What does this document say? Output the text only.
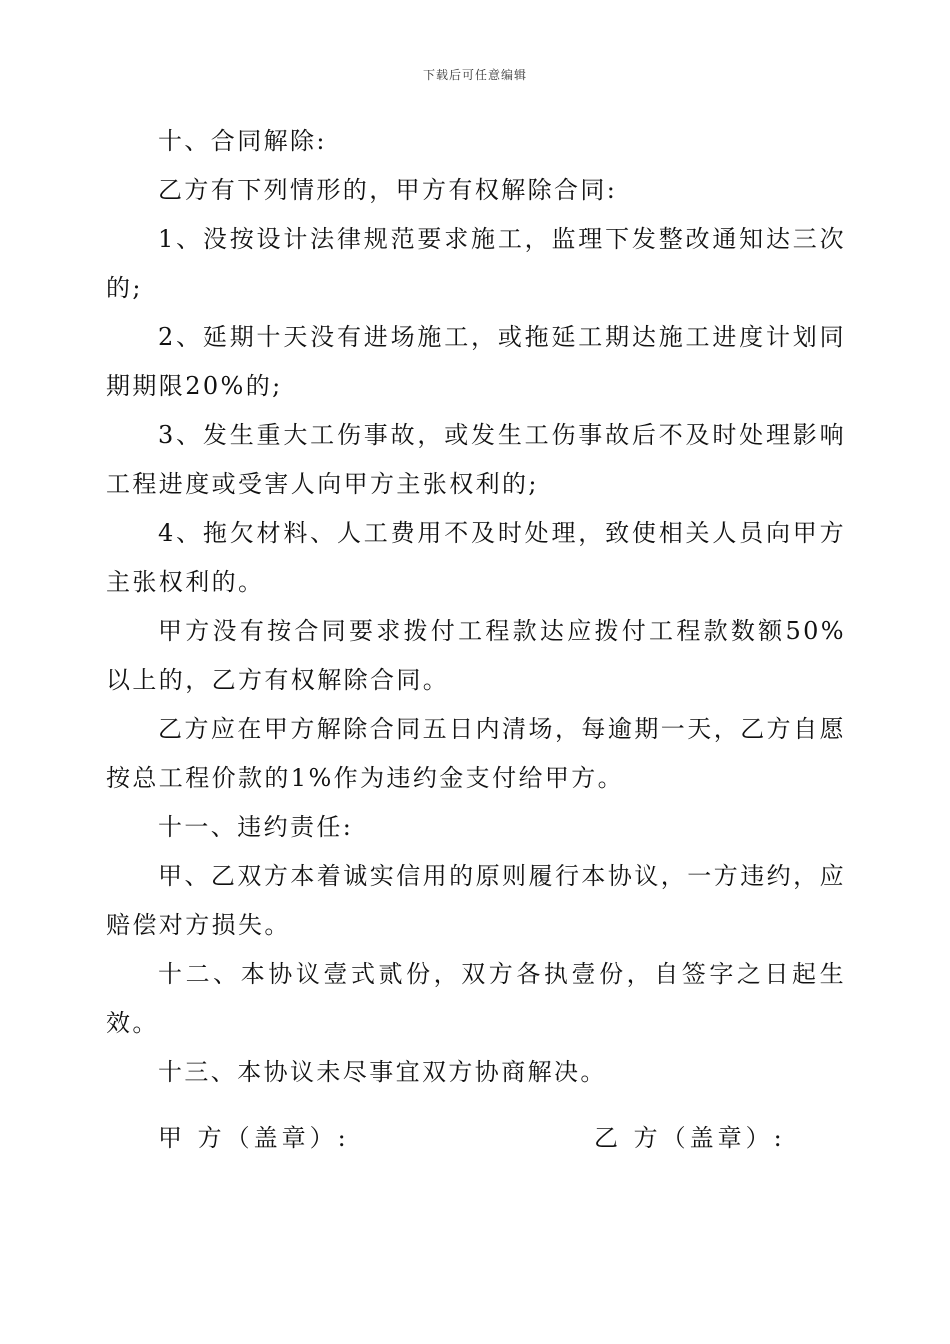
下载后可任意编辑

十、合同解除:

乙方有下列情形的，甲方有权解除合同:

1、没按设计法律规范要求施工，监理下发整改通知达三次的;

2、延期十天没有进场施工，或拖延工期达施工进度计划同期期限20%的;

3、发生重大工伤事故，或发生工伤事故后不及时处理影响工程进度或受害人向甲方主张权利的;

4、拖欠材料、人工费用不及时处理，致使相关人员向甲方主张权利的。

甲方没有按合同要求拨付工程款达应拨付工程款数额50%以上的，乙方有权解除合同。

乙方应在甲方解除合同五日内清场，每逾期一天，乙方自愿按总工程价款的1%作为违约金支付给甲方。

十一、违约责任:

甲、乙双方本着诚实信用的原则履行本协议，一方违约，应赔偿对方损失。

十二、本协议壹式贰份，双方各执壹份，自签字之日起生效。

十三、本协议未尽事宜双方协商解决。

甲 方（盖章）:	乙 方（盖章）:
